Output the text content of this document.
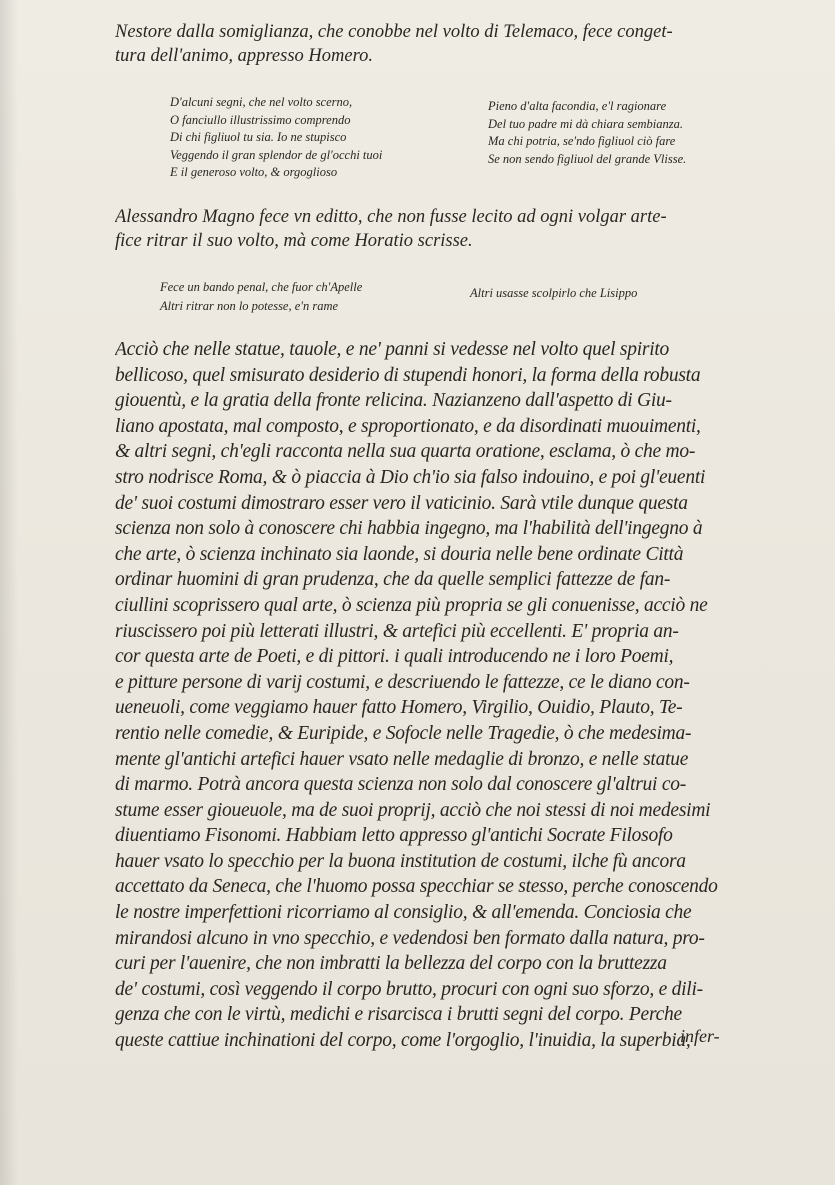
Nestore dalla somiglianza, che conobbe nel volto di Telemaco, fece conget-
tura dell'animo, appresso Homero.
D'alcuni segni, che nel volto scerno,
O fanciullo illustrissimo comprendo
Di chi figliuol tu sia. Io ne stupisco
Veggendo il gran splendor de gl'occhi tuoi
E il generoso volto, & orgoglioso
Pieno d'alta facondia, e'l ragionare
Del tuo padre mi dà chiara sembianza.
Ma chi potria, se'ndo figliuol ciò fare
Se non sendo figliuol del grande Vlisse.
Alessandro Magno fece vn editto, che non fusse lecito ad ogni volgar arte-
fice ritrar il suo volto, mà come Horatio scrisse.
Fece un bando penal, che fuor ch'Apelle
Altri ritrar non lo potesse, e'n rame
Altri usasse scolpirlo che Lisippo
Acciò che nelle statue, tauole, e ne' panni si vedesse nel volto quel spirito
bellicoso, quel smisurato desiderio di stupendi honori, la forma della robusta
giouentù, e la gratia della fronte relicina. Nazianzeno dall'aspetto di Giu-
liano apostata, mal composto, e sproportionato, e da disordinati muouimenti,
& altri segni, ch'egli racconta nella sua quarta oratione, esclama, ò che mo-
stro nodrisce Roma, & ò piaccia à Dio ch'io sia falso indouino, e poi gl'euenti
de' suoi costumi dimostraro esser vero il vaticinio. Sarà vtile dunque questa
scienza non solo à conoscere chi habbia ingegno, ma l'habilità dell'ingegno à
che arte, ò scienza inchinato sia laonde, si douria nelle bene ordinate Città
ordinar huomini di gran prudenza, che da quelle semplici fattezze de fan-
ciullini scoprissero qual arte, ò scienza più propria se gli conuenisse, acciò ne
riuscissero poi più letterati illustri, & artefici più eccellenti. E' propria an-
cor questa arte de Poeti, e di pittori. i quali introducendo ne i loro Poemi,
e pitture persone di varij costumi, e descriuendo le fattezze, ce le diano con-
ueneuoli, come veggiamo hauer fatto Homero, Virgilio, Ouidio, Plauto, Te-
rentio nelle comedie, & Euripide, e Sofocle nelle Tragedie, ò che medesima-
mente gl'antichi artefici hauer vsato nelle medaglie di bronzo, e nelle statue
di marmo. Potrà ancora questa scienza non solo dal conoscere gl'altrui co-
stume esser gioueuole, ma de suoi proprij, acciò che noi stessi di noi medesimi
diuentiamo Fisonomi. Habbiam letto appresso gl'antichi Socrate Filosofo
hauer vsato lo specchio per la buona institution de costumi, ilche fù ancora
accettato da Seneca, che l'huomo possa specchiar se stesso, perche conoscendo
le nostre imperfettioni ricorriamo al consiglio, & all'emenda. Conciosia che
mirandosi alcuno in vno specchio, e vedendosi ben formato dalla natura, pro-
curi per l'auenire, che non imbratti la bellezza del corpo con la bruttezza
de' costumi, così veggendo il corpo brutto, procuri con ogni suo sforzo, e dili-
genza che con le virtù, medichi e risarcisca i brutti segni del corpo. Perche
queste cattiue inchinationi del corpo, come l'orgoglio, l'inuidia, la superbia,
infer-
